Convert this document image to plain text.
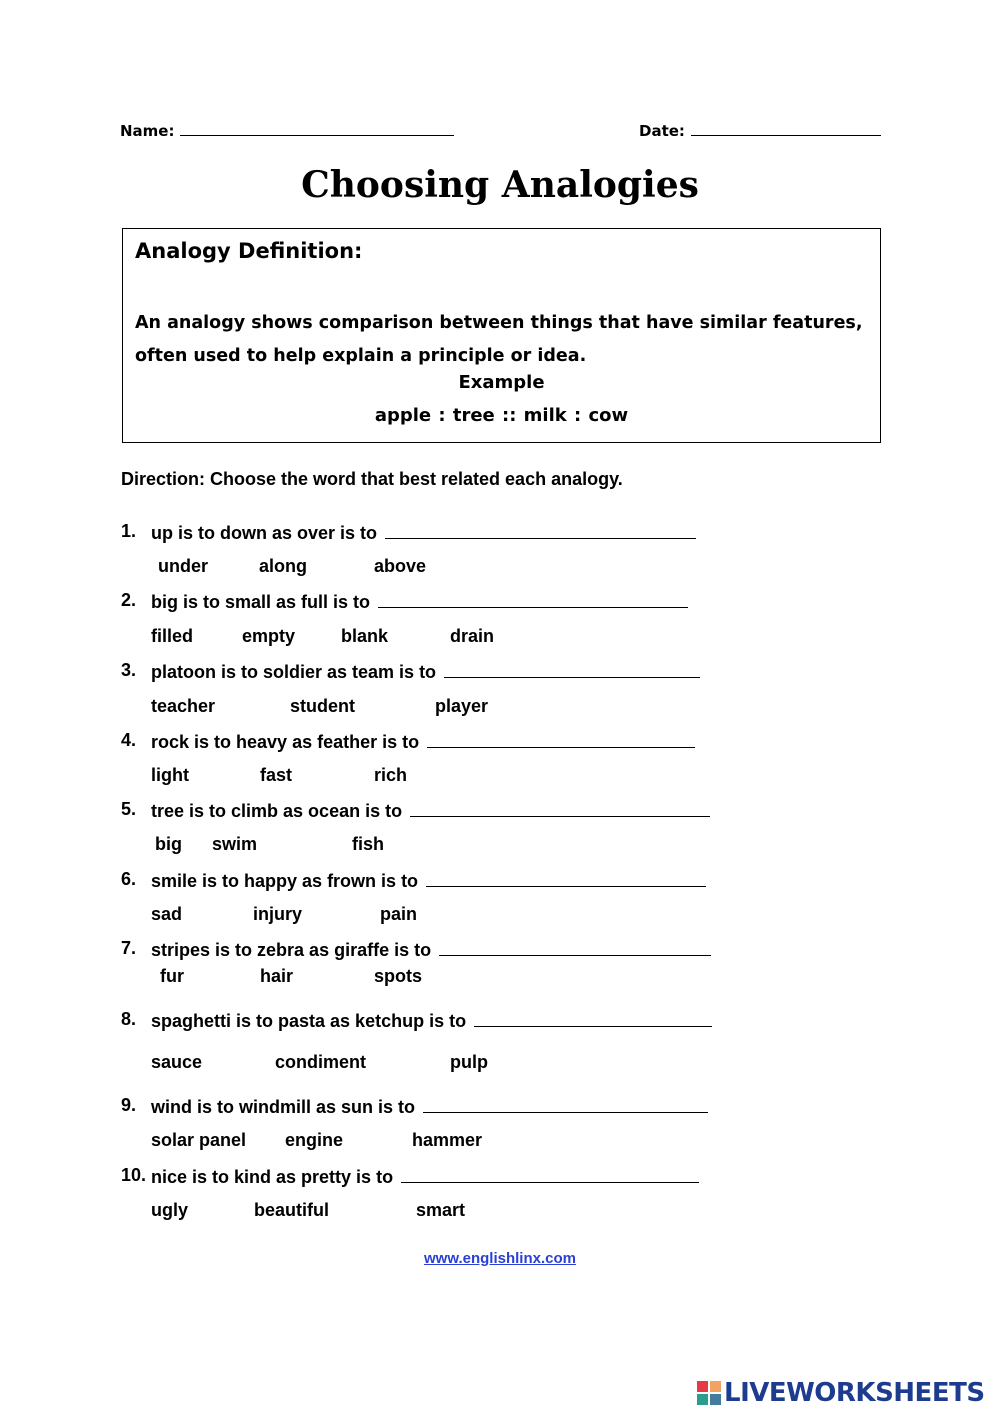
Name:	Date:
Choosing Analogies
Analogy Definition:
An analogy shows comparison between things that have similar features, often used to help explain a principle or idea.
Example
apple : tree :: milk : cow
Direction: Choose the word that best related each analogy.
1. up is to down as over is to
under	along	above
2. big is to small as full is to
filled	empty	blank	drain
3. platoon is to soldier as team is to
teacher	student	player
4. rock is to heavy as feather is to
light	fast	rich
5. tree is to climb as ocean is to
big swim	fish
6. smile is to happy as frown is to
sad	injury	pain
7. stripes is to zebra as giraffe is to
fur	hair	spots
8. spaghetti is to pasta as ketchup is to
sauce	condiment	pulp
9. wind is to windmill as sun is to
solar panel engine	hammer
10. nice is to kind as pretty is to
ugly	beautiful	smart
www.englishlinx.com
LIVEWORKSHEETS
